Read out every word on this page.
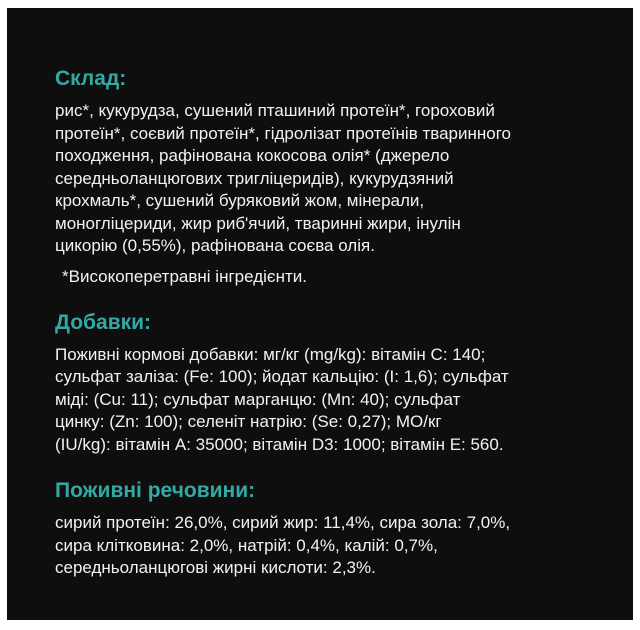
Склад:

рис*, кукурудза, сушений пташиний протеїн*, гороховий
протеїн*, соєвий протеїн*, гідролізат протеїнів тваринного
походження, рафінована кокосова олія* (джерело
середньоланцюгових тригліцеридів), кукурудзяний
крохмаль*, сушений буряковий жом, мінерали,
моногліцериди, жир риб'ячий, тваринні жири, інулін
цикорію (0,55%), рафінована соєва олія.

*Високоперетравні інгредієнти.

Добавки:

Поживні кормові добавки: мг/кг (mg/kg): вітамін С: 140;
сульфат заліза: (Fe: 100); йодат кальцію: (I: 1,6); сульфат
міді: (Cu: 11); сульфат марганцю: (Mn: 40); сульфат
цинку: (Zn: 100); селеніт натрію: (Se: 0,27); МО/кг
(IU/kg): вітамін А: 35000; вітамін D3: 1000; вітамін Е: 560.

Поживні речовини:

сирий протеїн: 26,0%, сирий жир: 11,4%, сира зола: 7,0%,
сира клітковина: 2,0%, натрій: 0,4%, калій: 0,7%,
середньоланцюгові жирні кислоти: 2,3%.
